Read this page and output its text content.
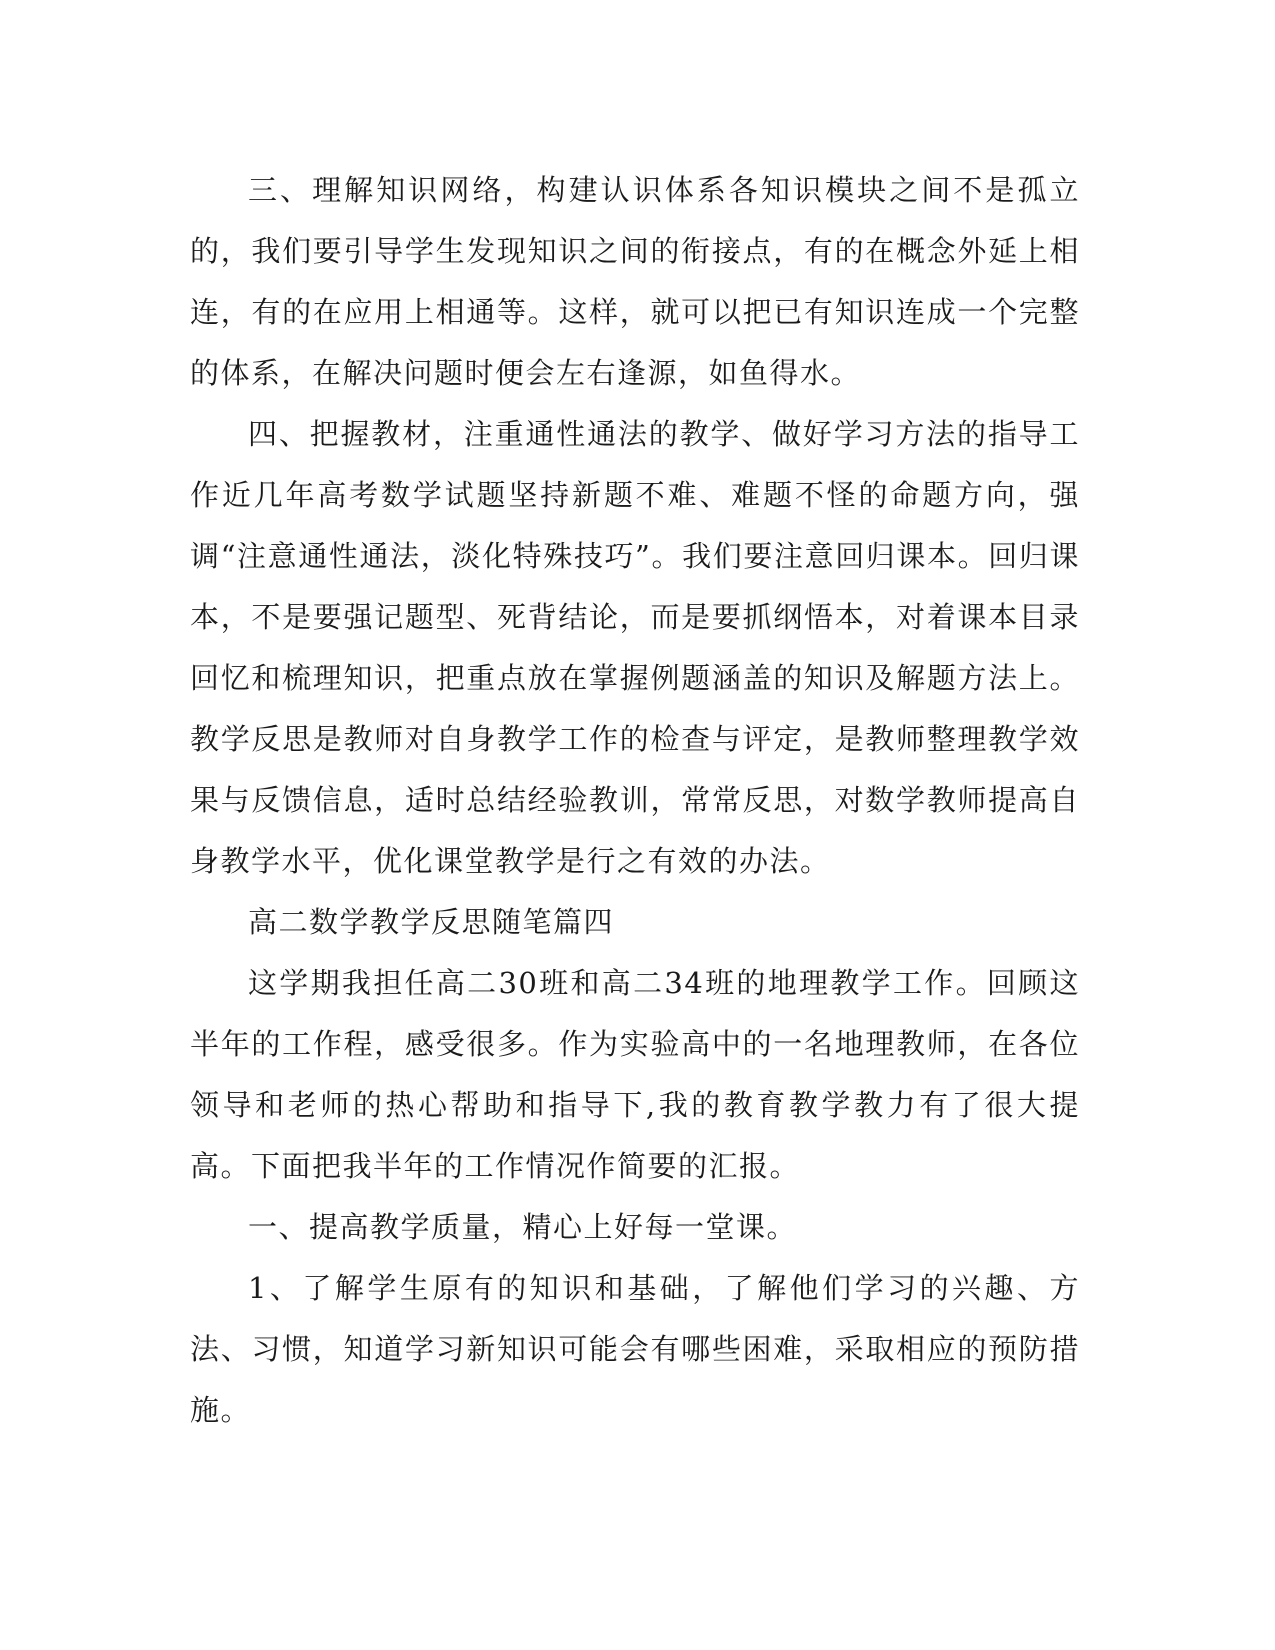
三、理解知识网络，构建认识体系各知识模块之间不是孤立的，我们要引导学生发现知识之间的衔接点，有的在概念外延上相连，有的在应用上相通等。这样，就可以把已有知识连成一个完整的体系，在解决问题时便会左右逢源，如鱼得水。

四、把握教材，注重通性通法的教学、做好学习方法的指导工作近几年高考数学试题坚持新题不难、难题不怪的命题方向，强调“注意通性通法，淡化特殊技巧”。我们要注意回归课本。回归课本，不是要强记题型、死背结论，而是要抓纲悟本，对着课本目录回忆和梳理知识，把重点放在掌握例题涵盖的知识及解题方法上。教学反思是教师对自身教学工作的检查与评定，是教师整理教学效果与反馈信息，适时总结经验教训，常常反思，对数学教师提高自身教学水平，优化课堂教学是行之有效的办法。

高二数学教学反思随笔篇四

这学期我担任高二30班和高二34班的地理教学工作。回顾这半年的工作程，感受很多。作为实验高中的一名地理教师，在各位领导和老师的热心帮助和指导下,我的教育教学教力有了很大提高。下面把我半年的工作情况作简要的汇报。

一、提高教学质量，精心上好每一堂课。

1、了解学生原有的知识和基础，了解他们学习的兴趣、方法、习惯，知道学习新知识可能会有哪些困难，采取相应的预防措施。
